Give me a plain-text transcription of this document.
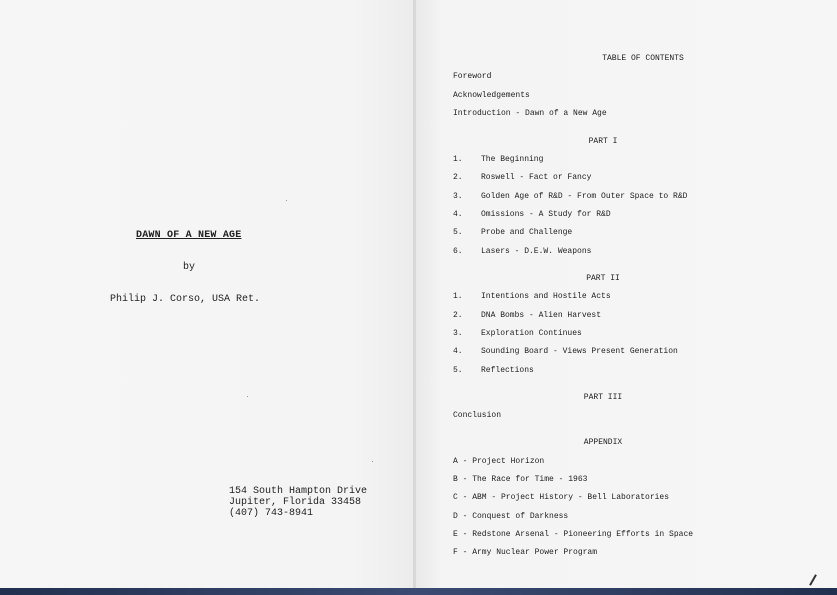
DAWN OF A NEW AGE
by
Philip J. Corso, USA Ret.
154 South Hampton Drive
Jupiter, Florida 33458
(407) 743-8941
TABLE OF CONTENTS
Foreword
Acknowledgements
Introduction - Dawn of a New Age
PART I
1. The Beginning
2. Roswell - Fact or Fancy
3. Golden Age of R&D - From Outer Space to R&D
4. Omissions - A Study for R&D
5. Probe and Challenge
6. Lasers - D.E.W. Weapons
PART II
1. Intentions and Hostile Acts
2. DNA Bombs - Alien Harvest
3. Exploration Continues
4. Sounding Board - Views Present Generation
5. Reflections
PART III
Conclusion
APPENDIX
A - Project Horizon
B - The Race for Time - 1963
C - ABM - Project History - Bell Laboratories
D - Conquest of Darkness
E - Redstone Arsenal - Pioneering Efforts in Space
F - Army Nuclear Power Program
